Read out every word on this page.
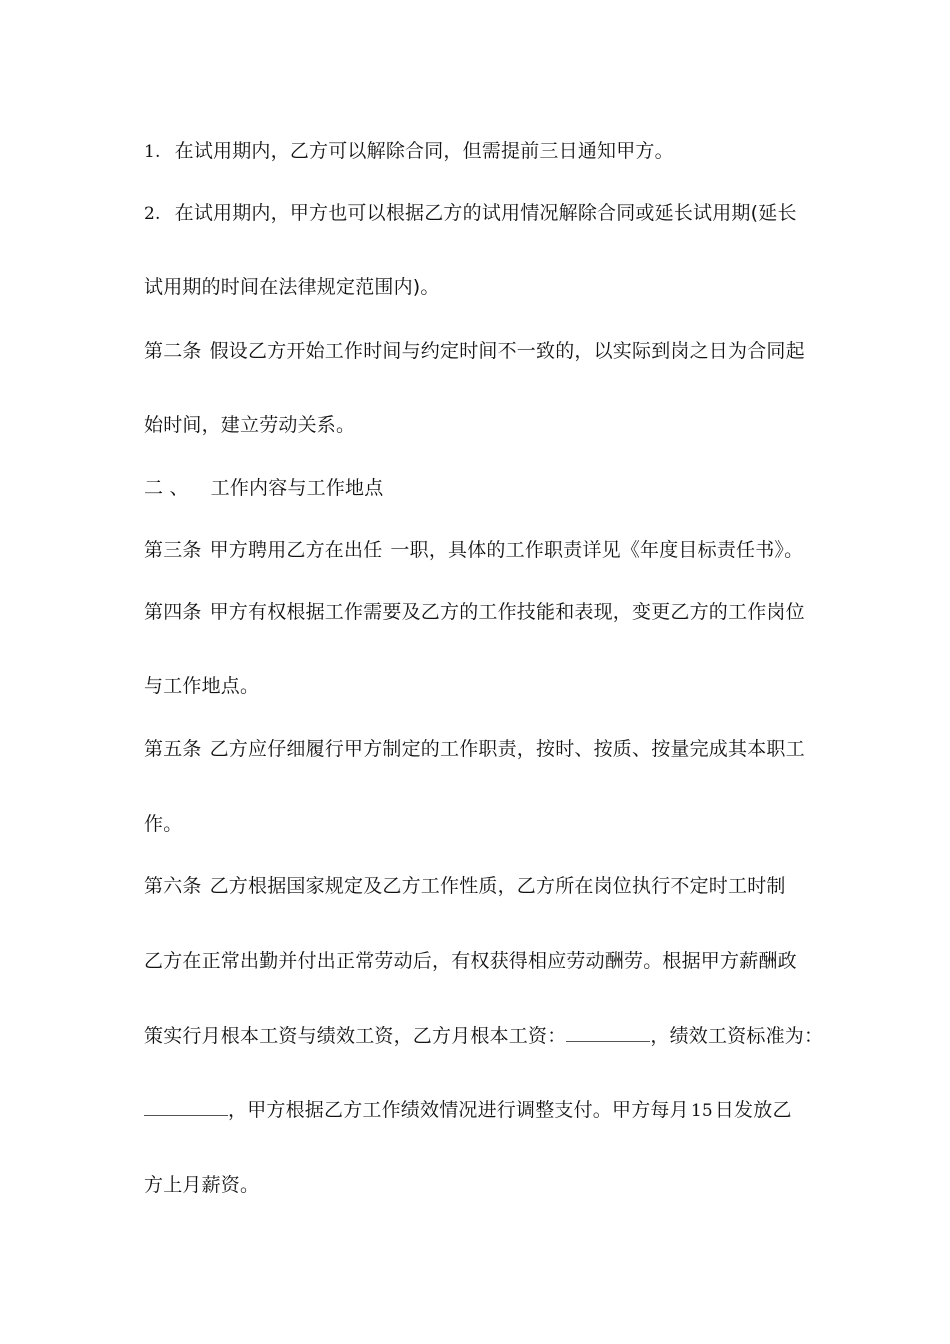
1. 在试用期内，乙方可以解除合同，但需提前三日通知甲方。
2. 在试用期内，甲方也可以根据乙方的试用情况解除合同或延长试用期(延长
试用期的时间在法律规定范围内)。
第二条 假设乙方开始工作时间与约定时间不一致的，以实际到岗之日为合同起
始时间，建立劳动关系。
二 、 工作内容与工作地点
第三条 甲方聘用乙方在出任 一职，具体的工作职责详见《年度目标责任书》。
第四条 甲方有权根据工作需要及乙方的工作技能和表现，变更乙方的工作岗位
与工作地点。
第五条 乙方应仔细履行甲方制定的工作职责，按时、按质、按量完成其本职工
作。
第六条 乙方根据国家规定及乙方工作性质，乙方所在岗位执行不定时工时制
乙方在正常出勤并付出正常劳动后，有权获得相应劳动酬劳。根据甲方薪酬政
策实行月根本工资与绩效工资，乙方月根本工资：	，绩效工资标准为：
，甲方根据乙方工作绩效情况进行调整支付。甲方每月 15 日发放乙
方上月薪资。
